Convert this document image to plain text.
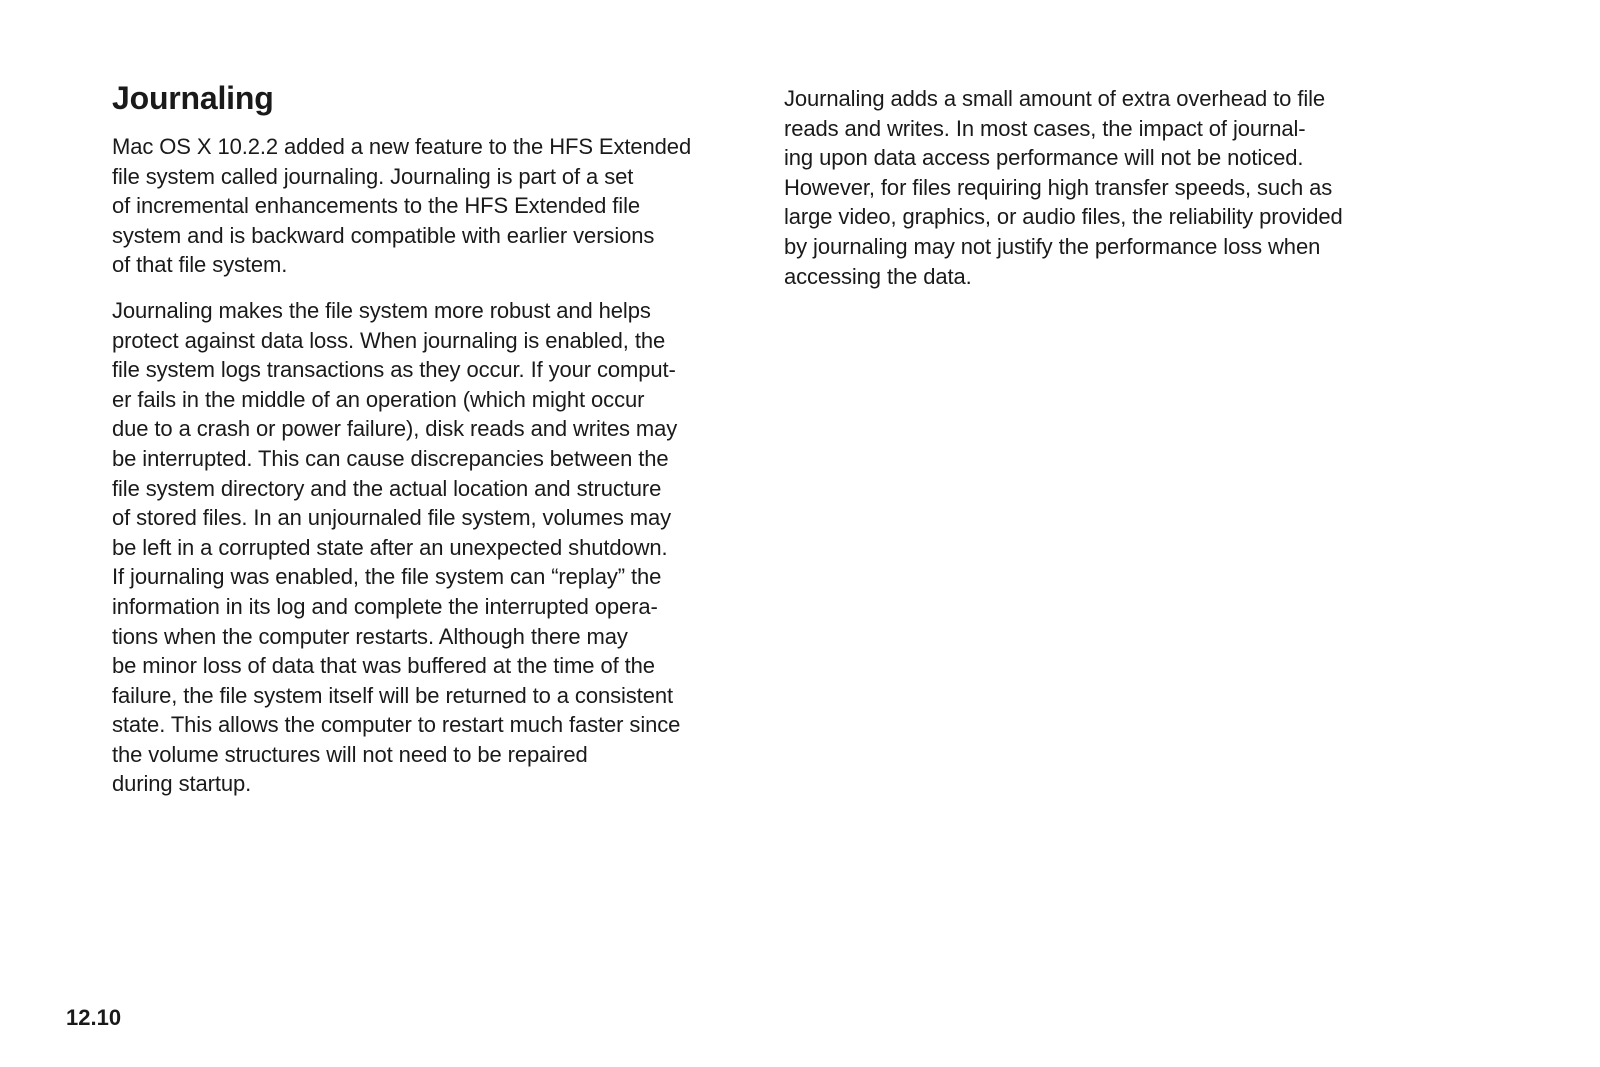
Journaling

Mac OS X 10.2.2 added a new feature to the HFS Extended
file system called journaling. Journaling is part of a set
of incremental enhancements to the HFS Extended file
system and is backward compatible with earlier versions
of that file system.

Journaling makes the file system more robust and helps
protect against data loss. When journaling is enabled, the
file system logs transactions as they occur. If your comput-
er fails in the middle of an operation (which might occur
due to a crash or power failure), disk reads and writes may
be interrupted. This can cause discrepancies between the
file system directory and the actual location and structure
of stored files. In an unjournaled file system, volumes may
be left in a corrupted state after an unexpected shutdown.
If journaling was enabled, the file system can “replay” the
information in its log and complete the interrupted opera-
tions when the computer restarts. Although there may
be minor loss of data that was buffered at the time of the
failure, the file system itself will be returned to a consistent
state. This allows the computer to restart much faster since
the volume structures will not need to be repaired
during startup.

Journaling adds a small amount of extra overhead to file
reads and writes. In most cases, the impact of journal-
ing upon data access performance will not be noticed.
However, for files requiring high transfer speeds, such as
large video, graphics, or audio files, the reliability provided
by journaling may not justify the performance loss when
accessing the data.

12.10
